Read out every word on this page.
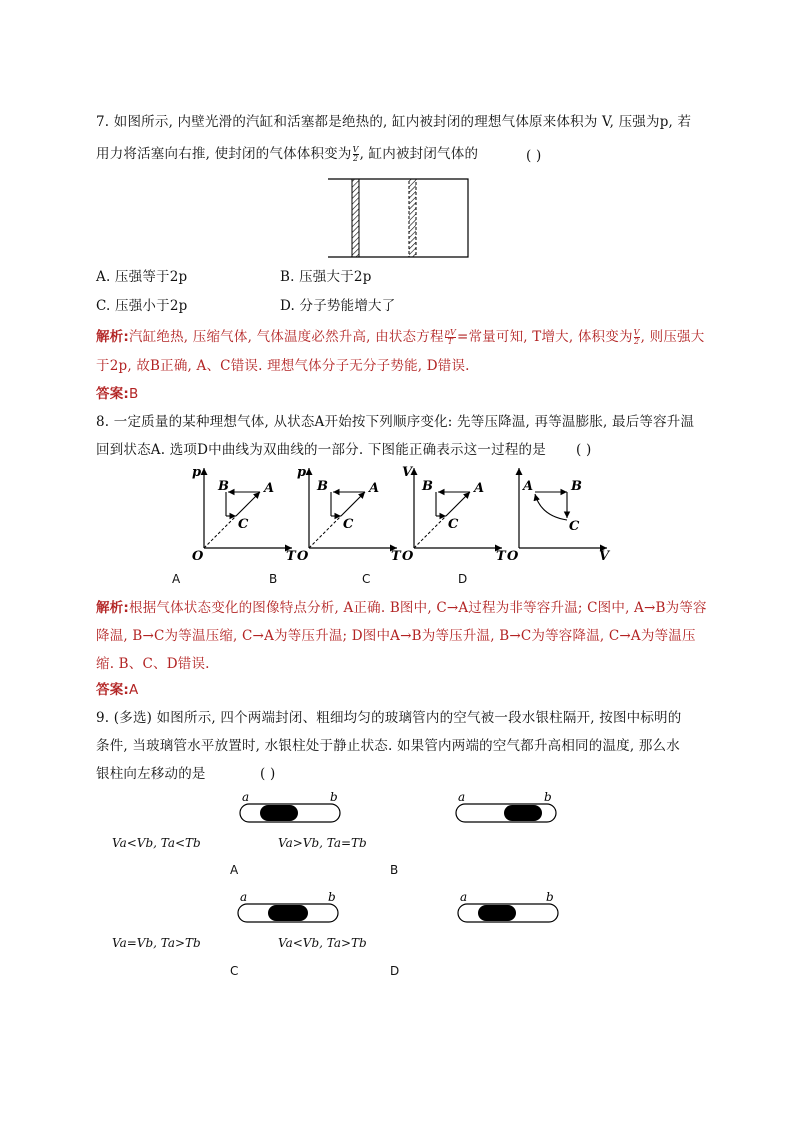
7. 如图所示, 内壁光滑的汽缸和活塞都是绝热的, 缸内被封闭的理想气体原来体积为 V, 压强为p, 若
用力将活塞向右推, 使封闭的气体体积变为 $\frac{V}{2}$ , 缸内被封闭气体的	( )
A. 压强等于2p	B. 压强大于2p
C. 压强小于2p	D. 分子势能增大了
解析:汽缸绝热, 压缩气体, 气体温度必然升高, 由状态方程 $\frac{pV}{T}$ =常量可知, T增大, 体积变为 $\frac{V}{2}$ , 则压强大
于2p, 故B正确, A、C错误. 理想气体分子无分子势能, D错误.
答案:B
8. 一定质量的某种理想气体, 从状态A开始按下列顺序变化: 先等压降温, 再等温膨胀, 最后等容升温
回到状态A. 选项D中曲线为双曲线的一部分. 下图能正确表示这一过程的是 ( )
p
O	T
A
B
C
p
O	T
A
B
C
V
O	T
A
B
C
O	V
A	B
C
A	B	C	D
解析:根据气体状态变化的图像特点分析, A正确. B图中, C→A过程为非等容升温; C图中, A→B为等容
降温, B→C为等温压缩, C→A为等压升温; D图中A→B为等压升温, B→C为等容降温, C→A为等温压
缩. B、C、D错误.
答案:A
9. (多选) 如图所示, 四个两端封闭、粗细均匀的玻璃管内的空气被一段水银柱隔开, 按图中标明的
条件, 当玻璃管水平放置时, 水银柱处于静止状态. 如果管内两端的空气都升高相同的温度, 那么水
银柱向左移动的是	( )
a	b	a	b
Va<Vb, Ta<Tb	Va>Vb, Ta=Tb
A	B
a	b	a	b
Va=Vb, Ta>Tb	Va<Vb, Ta>Tb
C	D
